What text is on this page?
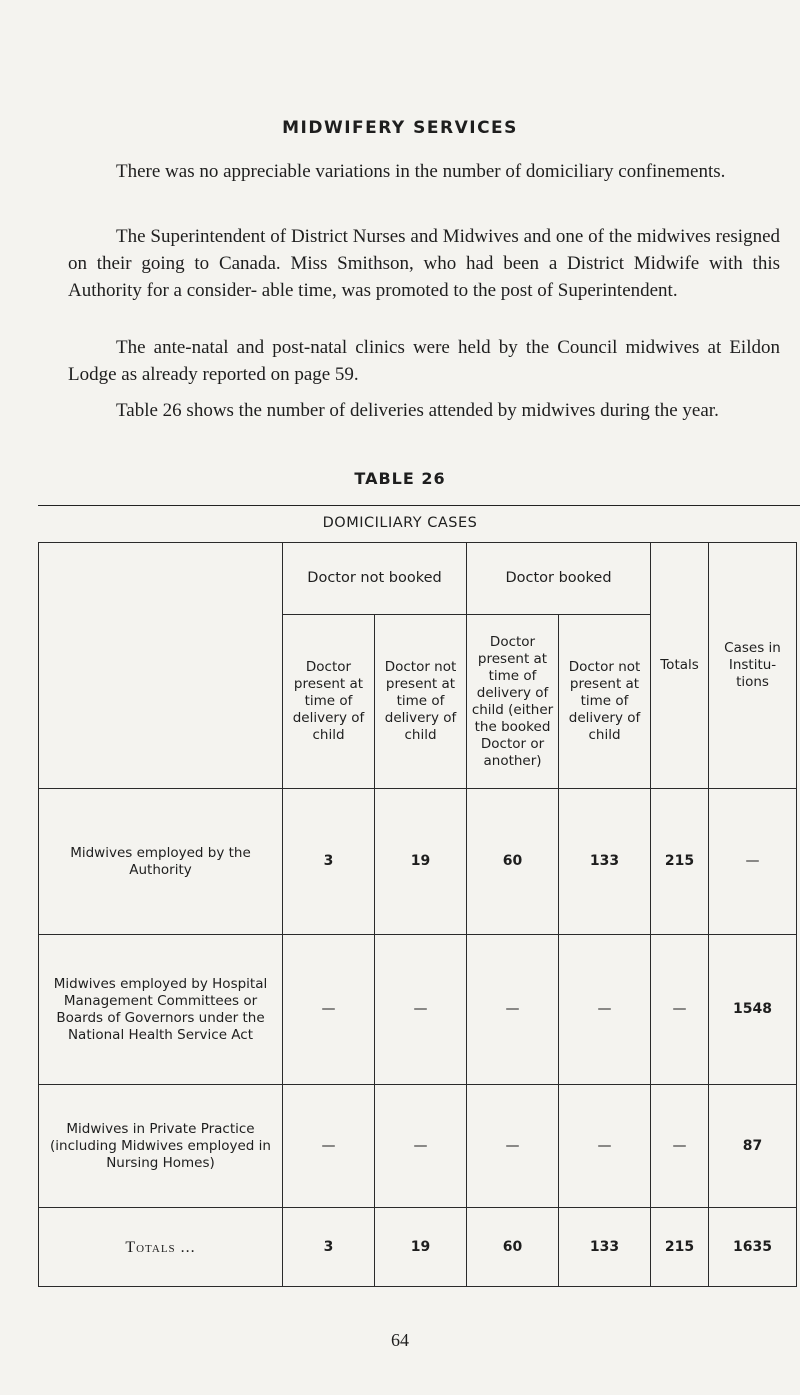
MIDWIFERY SERVICES

There was no appreciable variations in the number of domiciliary confinements.

The Superintendent of District Nurses and Midwives and one of the midwives resigned on their going to Canada. Miss Smithson, who had been a District Midwife with this Authority for a consider- able time, was promoted to the post of Superintendent.

The ante-natal and post-natal clinics were held by the Council midwives at Eildon Lodge as already reported on page 59.

Table 26 shows the number of deliveries attended by midwives during the year.

TABLE 26
DOMICILIARY CASES
	Doctor not booked		Doctor booked		Totals	Cases in Institu- tions
	Doctor present at time of delivery of child	Doctor not present at time of delivery of child	Doctor present at time of delivery of child (either the booked Doctor or another)	Doctor not present at time of delivery of child		
Midwives employed by the Authority	3	19	60	133	215	—
Midwives employed by Hospital Management Committees or Boards of Governors under the National Health Service Act	—	—	—	—	—	1548
Midwives in Private Practice (including Midwives employed in Nursing Homes)	—	—	—	—	—	87
Totals ...	3	19	60	133	215	1635
64
